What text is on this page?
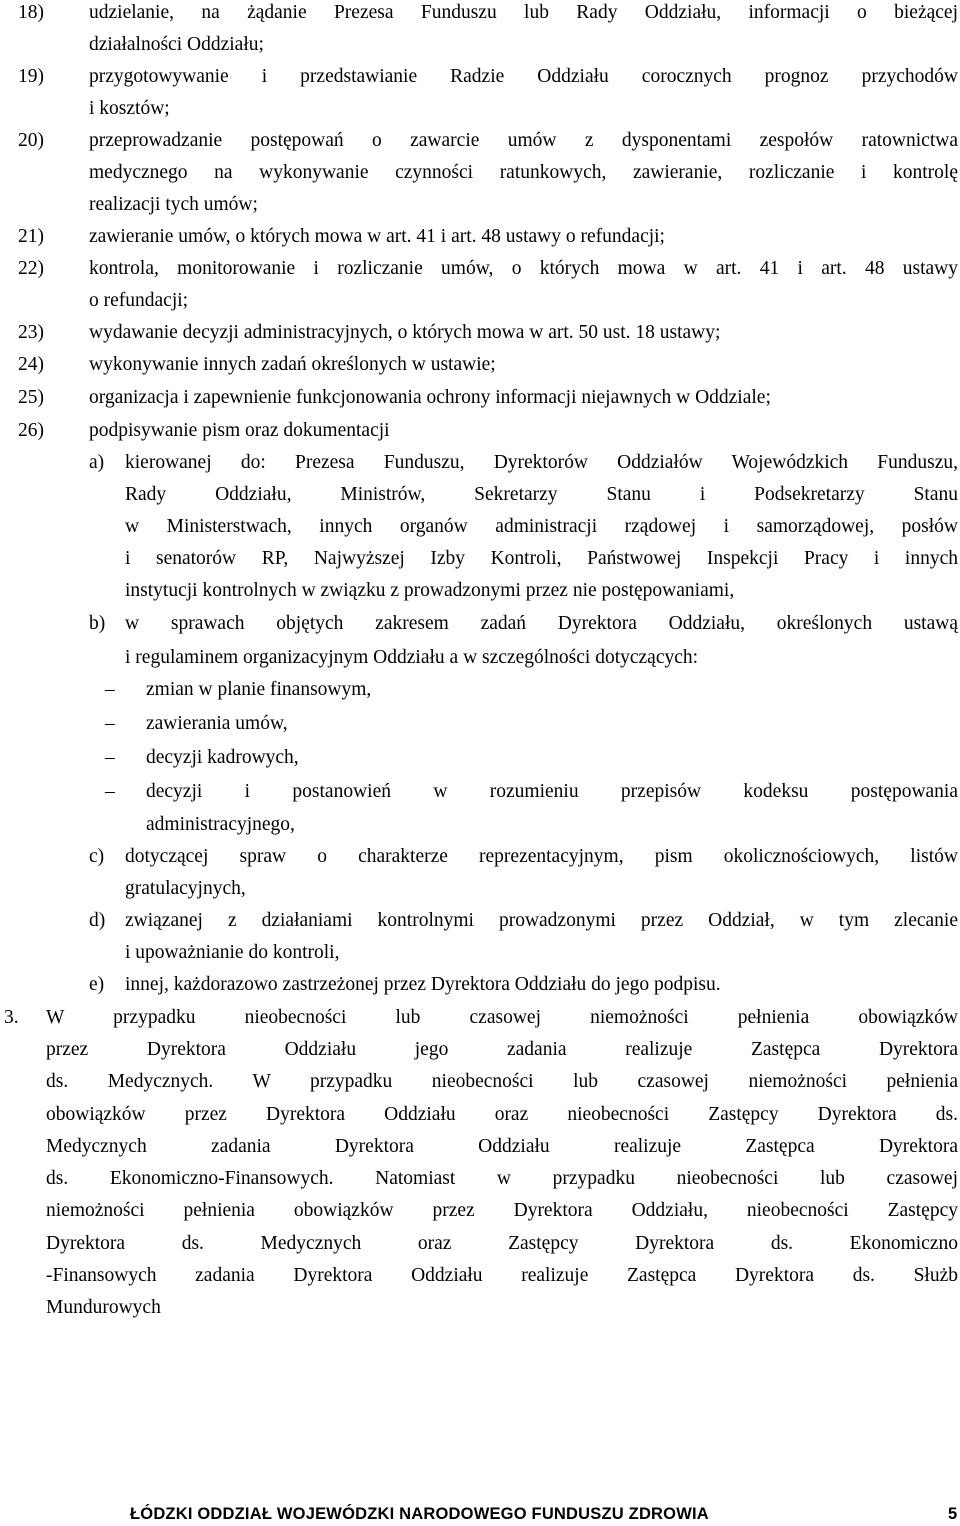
18) udzielanie, na żądanie Prezesa Funduszu lub Rady Oddziału, informacji o bieżącej
działalności Oddziału;
19) przygotowywanie i przedstawianie Radzie Oddziału corocznych prognoz przychodów
i kosztów;
20) przeprowadzanie postępowań o zawarcie umów z dysponentami zespołów ratownictwa
medycznego na wykonywanie czynności ratunkowych, zawieranie, rozliczanie i kontrolę
realizacji tych umów;
21) zawieranie umów, o których mowa w art. 41 i art. 48 ustawy o refundacji;
22) kontrola, monitorowanie i rozliczanie umów, o których mowa w art. 41 i art. 48 ustawy
o refundacji;
23) wydawanie decyzji administracyjnych, o których mowa w art. 50 ust. 18 ustawy;
24) wykonywanie innych zadań określonych w ustawie;
25) organizacja i zapewnienie funkcjonowania ochrony informacji niejawnych w Oddziale;
26) podpisywanie pism oraz dokumentacji
a) kierowanej do: Prezesa Funduszu, Dyrektorów Oddziałów Wojewódzkich Funduszu,
Rady Oddziału, Ministrów, Sekretarzy Stanu i Podsekretarzy Stanu
w Ministerstwach, innych organów administracji rządowej i samorządowej, posłów
i senatorów RP, Najwyższej Izby Kontroli, Państwowej Inspekcji Pracy i innych
instytucji kontrolnych w związku z prowadzonymi przez nie postępowaniami,
b) w sprawach objętych zakresem zadań Dyrektora Oddziału, określonych ustawą
i regulaminem organizacyjnym Oddziału a w szczególności dotyczących:
– zmian w planie finansowym,
– zawierania umów,
– decyzji kadrowych,
– decyzji i postanowień w rozumieniu przepisów kodeksu postępowania
administracyjnego,
c) dotyczącej spraw o charakterze reprezentacyjnym, pism okolicznościowych, listów
gratulacyjnych,
d) związanej z działaniami kontrolnymi prowadzonymi przez Oddział, w tym zlecanie
i upoważnianie do kontroli,
e) innej, każdorazowo zastrzeżonej przez Dyrektora Oddziału do jego podpisu.
3. W przypadku nieobecności lub czasowej niemożności pełnienia obowiązków
przez Dyrektora Oddziału jego zadania realizuje Zastępca Dyrektora
ds. Medycznych. W przypadku nieobecności lub czasowej niemożności pełnienia
obowiązków przez Dyrektora Oddziału oraz nieobecności Zastępcy Dyrektora ds.
Medycznych zadania Dyrektora Oddziału realizuje Zastępca Dyrektora
ds. Ekonomiczno-Finansowych. Natomiast w przypadku nieobecności lub czasowej
niemożności pełnienia obowiązków przez Dyrektora Oddziału, nieobecności Zastępcy
Dyrektora ds. Medycznych oraz Zastępcy Dyrektora ds. Ekonomiczno
-Finansowych zadania Dyrektora Oddziału realizuje Zastępca Dyrektora ds. Służb
Mundurowych
ŁÓDZKI ODDZIAŁ WOJEWÓDZKI NARODOWEGO FUNDUSZU ZDROWIA	5
